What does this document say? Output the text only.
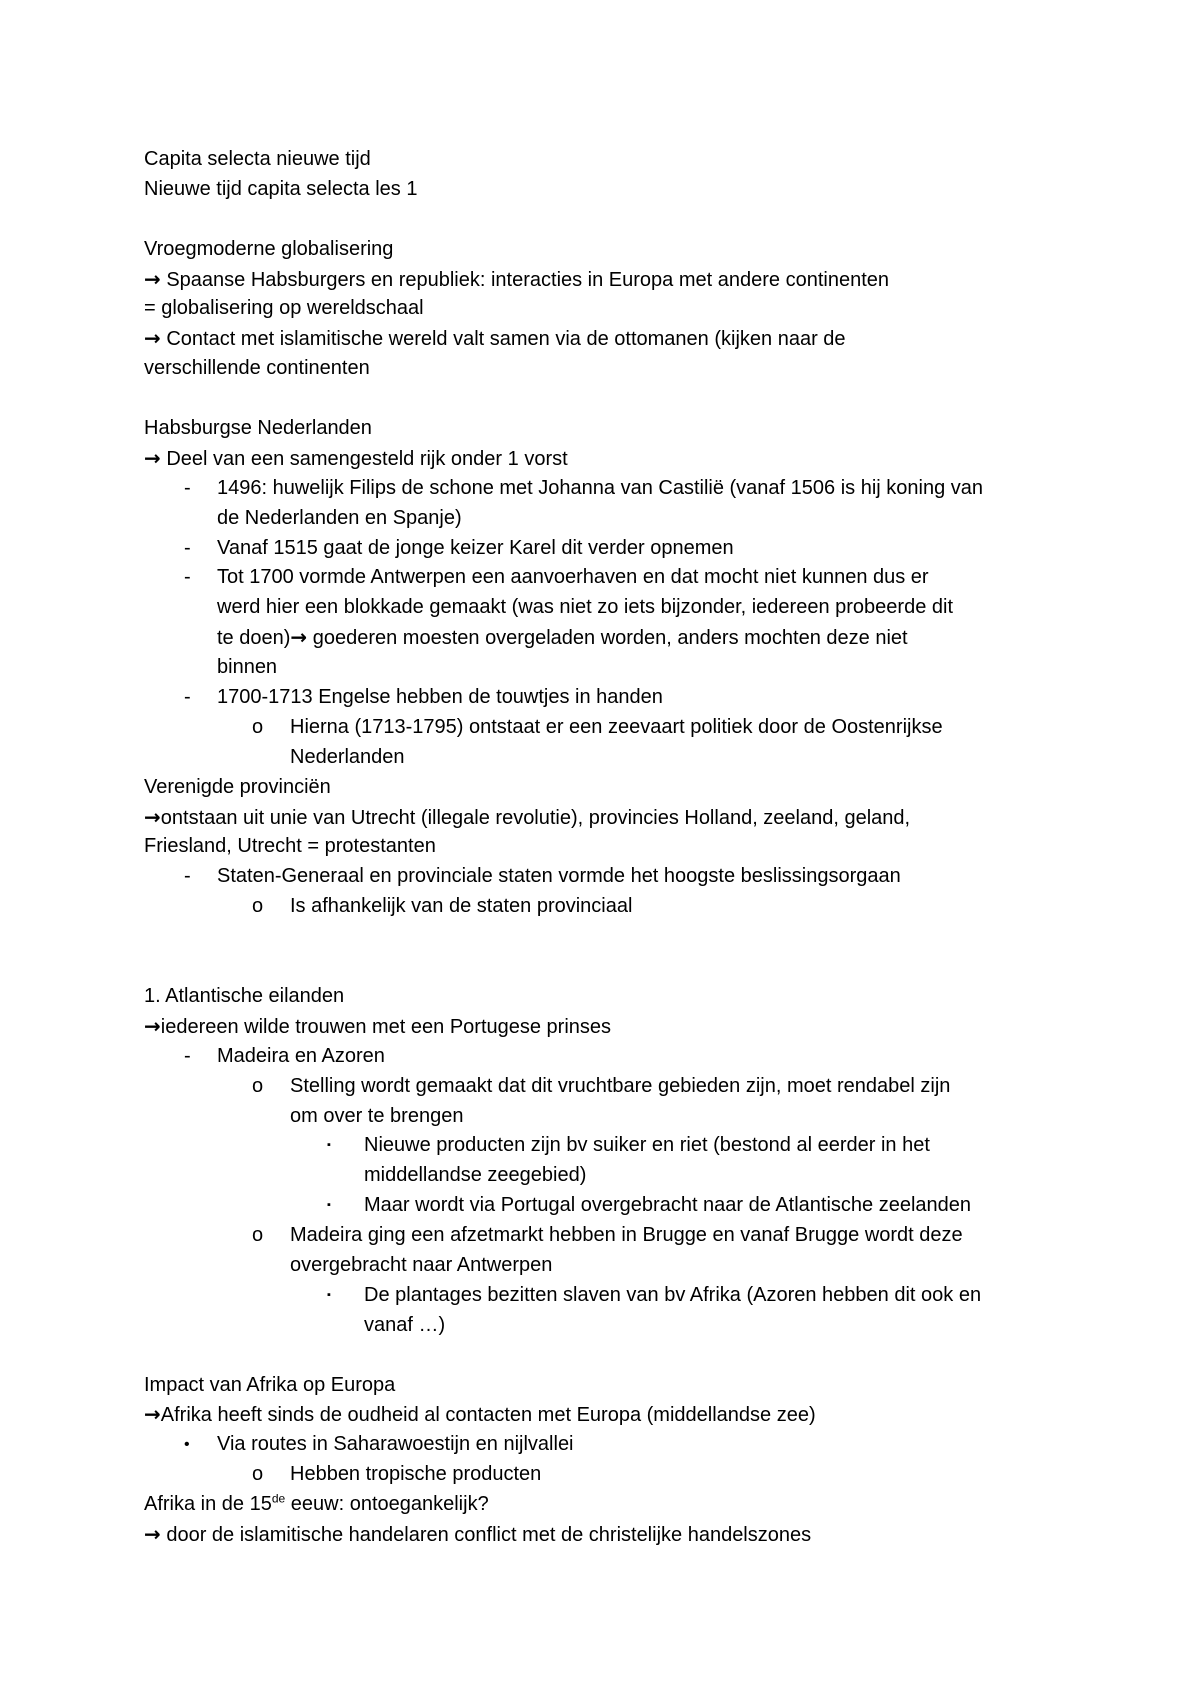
Capita selecta nieuwe tijd
Nieuwe tijd capita selecta les 1
Vroegmoderne globalisering
→ Spaanse Habsburgers en republiek: interacties in Europa met andere continenten
= globalisering op wereldschaal
→ Contact met islamitische wereld valt samen via de ottomanen (kijken naar de
verschillende continenten
Habsburgse Nederlanden
→ Deel van een samengesteld rijk onder 1 vorst
- 1496: huwelijk Filips de schone met Johanna van Castilië (vanaf 1506 is hij koning van
de Nederlanden en Spanje)
- Vanaf 1515 gaat de jonge keizer Karel dit verder opnemen
- Tot 1700 vormde Antwerpen een aanvoerhaven en dat mocht niet kunnen dus er
werd hier een blokkade gemaakt (was niet zo iets bijzonder, iedereen probeerde dit
te doen)→ goederen moesten overgeladen worden, anders mochten deze niet
binnen
- 1700-1713 Engelse hebben de touwtjes in handen
o Hierna (1713-1795) ontstaat er een zeevaart politiek door de Oostenrijkse
Nederlanden
Verenigde provinciën
→ontstaan uit unie van Utrecht (illegale revolutie), provincies Holland, zeeland, geland,
Friesland, Utrecht = protestanten
- Staten-Generaal en provinciale staten vormde het hoogste beslissingsorgaan
o Is afhankelijk van de staten provinciaal
1. Atlantische eilanden
→iedereen wilde trouwen met een Portugese prinses
- Madeira en Azoren
o Stelling wordt gemaakt dat dit vruchtbare gebieden zijn, moet rendabel zijn
om over te brengen
▪ Nieuwe producten zijn bv suiker en riet (bestond al eerder in het
middellandse zeegebied)
▪ Maar wordt via Portugal overgebracht naar de Atlantische zeelanden
o Madeira ging een afzetmarkt hebben in Brugge en vanaf Brugge wordt deze
overgebracht naar Antwerpen
▪ De plantages bezitten slaven van bv Afrika (Azoren hebben dit ook en
vanaf …)
Impact van Afrika op Europa
→Afrika heeft sinds de oudheid al contacten met Europa (middellandse zee)
• Via routes in Saharawoestijn en nijlvallei
o Hebben tropische producten
Afrika in de 15de eeuw: ontoegankelijk?
→ door de islamitische handelaren conflict met de christelijke handelszones
